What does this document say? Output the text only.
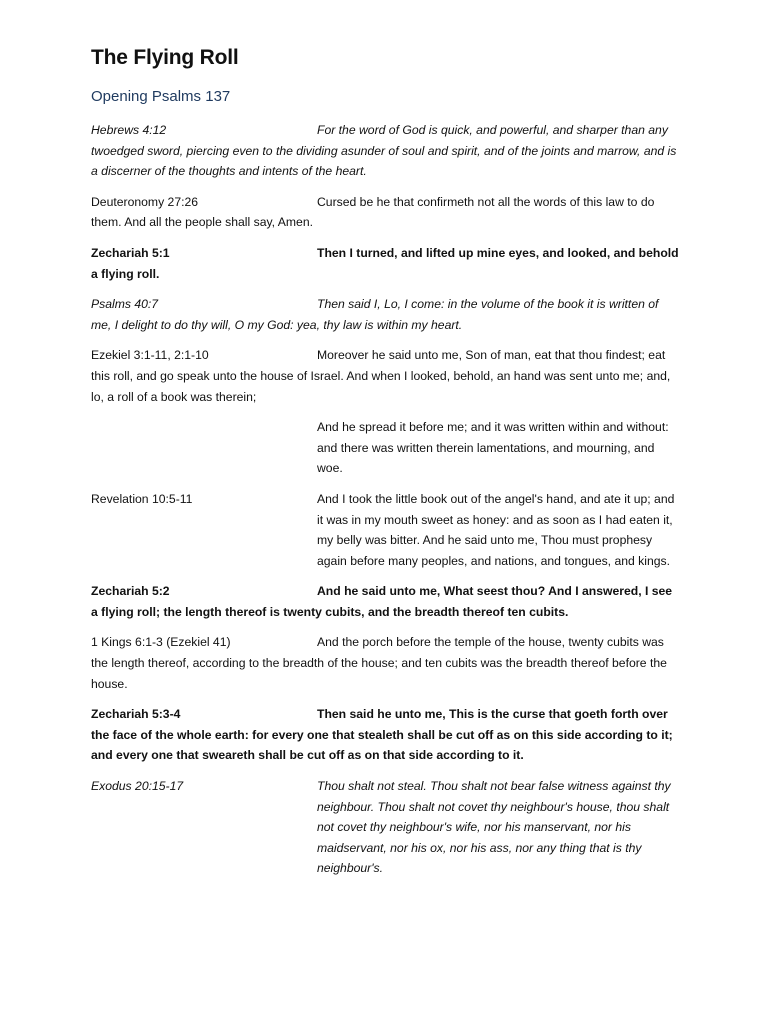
The Flying Roll
Opening Psalms 137
Hebrews 4:12	For the word of God is quick, and powerful, and sharper than any twoedged sword, piercing even to the dividing asunder of soul and spirit, and of the joints and marrow, and is a discerner of the thoughts and intents of the heart.
Deuteronomy 27:26	Cursed be he that confirmeth not all the words of this law to do them. And all the people shall say, Amen.
Zechariah 5:1	Then I turned, and lifted up mine eyes, and looked, and behold a flying roll.
Psalms 40:7	Then said I, Lo, I come: in the volume of the book it is written of me, I delight to do thy will, O my God: yea, thy law is within my heart.
Ezekiel 3:1-11, 2:1-10	Moreover he said unto me, Son of man, eat that thou findest; eat this roll, and go speak unto the house of Israel. And when I looked, behold, an hand was sent unto me; and, lo, a roll of a book was therein;
And he spread it before me; and it was written within and without: and there was written therein lamentations, and mourning, and woe.
Revelation 10:5-11	And I took the little book out of the angel's hand, and ate it up; and it was in my mouth sweet as honey: and as soon as I had eaten it, my belly was bitter. And he said unto me, Thou must prophesy again before many peoples, and nations, and tongues, and kings.
Zechariah 5:2	And he said unto me, What seest thou? And I answered, I see a flying roll; the length thereof is twenty cubits, and the breadth thereof ten cubits.
1 Kings 6:1-3 (Ezekiel 41)	And the porch before the temple of the house, twenty cubits was the length thereof, according to the breadth of the house; and ten cubits was the breadth thereof before the house.
Zechariah 5:3-4	Then said he unto me, This is the curse that goeth forth over the face of the whole earth: for every one that stealeth shall be cut off as on this side according to it; and every one that sweareth shall be cut off as on that side according to it.
Exodus 20:15-17	Thou shalt not steal. Thou shalt not bear false witness against thy neighbour. Thou shalt not covet thy neighbour's house, thou shalt not covet thy neighbour's wife, nor his manservant, nor his maidservant, nor his ox, nor his ass, nor any thing that is thy neighbour's.
